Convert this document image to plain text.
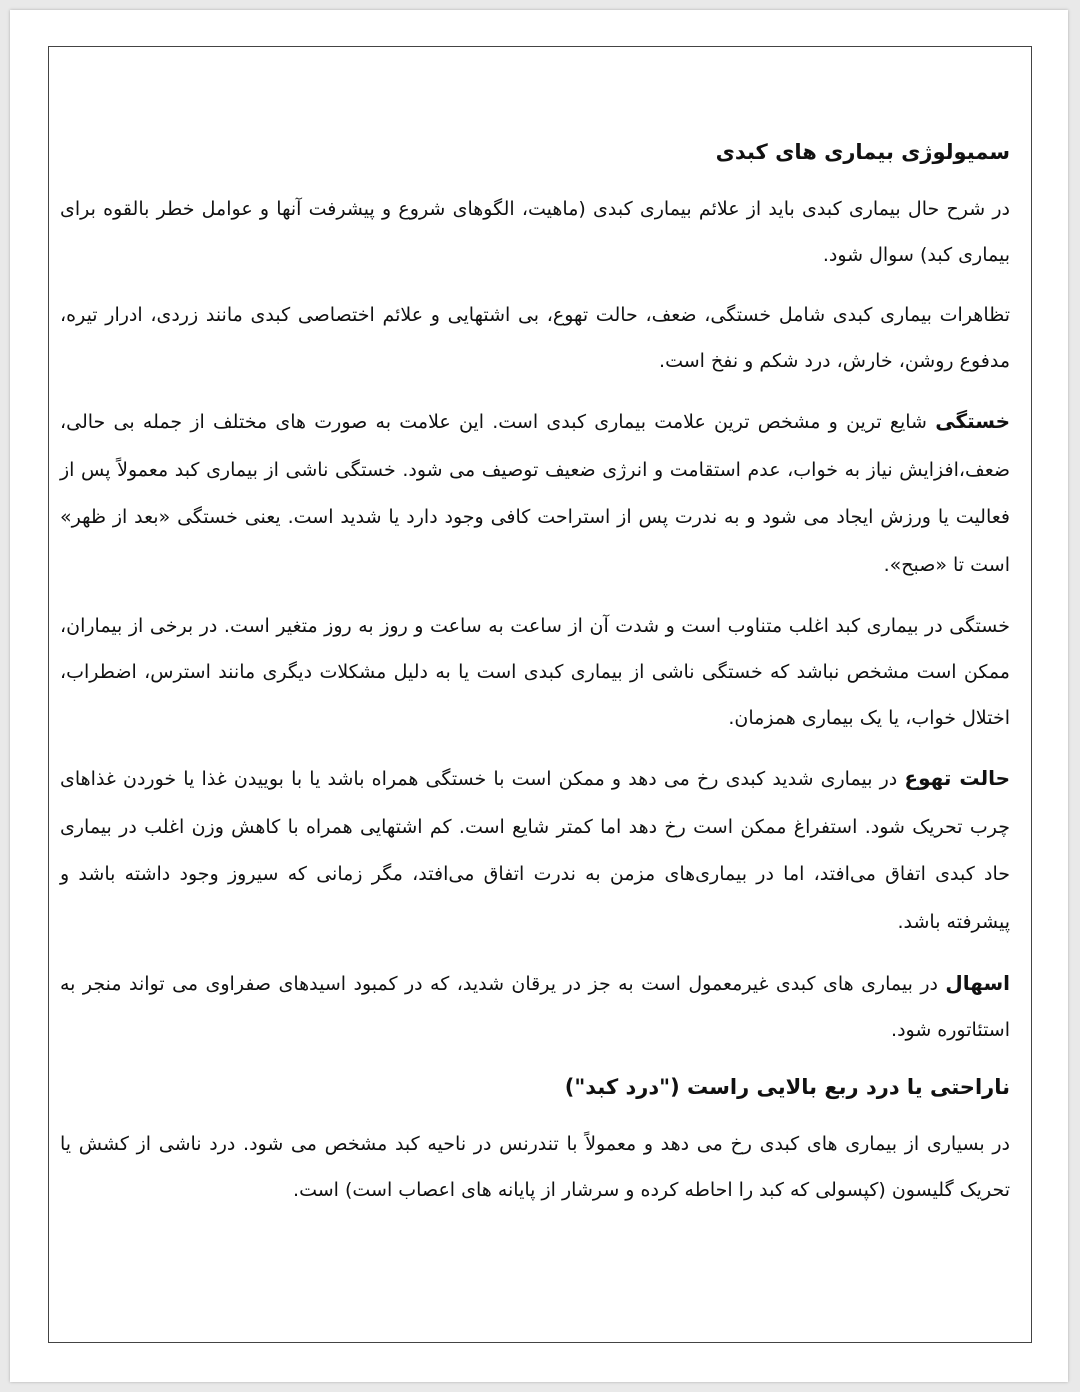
سمیولوژی بیماری های کبدی

در شرح حال بیماری کبدی باید از علائم بیماری کبدی (ماهیت، الگوهای شروع و پیشرفت آنها و عوامل خطر بالقوه برای بیماری کبد) سوال شود.

تظاهرات بیماری کبدی شامل خستگی، ضعف، حالت تهوع، بی اشتهایی و علائم اختصاصی کبدی مانند زردی، ادرار تیره، مدفوع روشن، خارش، درد شکم و نفخ است.

خستگی شایع ترین و مشخص ترین علامت بیماری کبدی است. این علامت به صورت های مختلف از جمله بی حالی، ضعف،افزایش نیاز به خواب، عدم استقامت و انرژی ضعیف توصیف می شود. خستگی ناشی از بیماری کبد معمولاً پس از فعالیت یا ورزش ایجاد می شود و به ندرت پس از استراحت کافی وجود دارد یا شدید است. یعنی خستگی «بعد از ظهر» است تا «صبح».

خستگی در بیماری کبد اغلب متناوب است و شدت آن از ساعت به ساعت و روز به روز متغیر است. در برخی از بیماران، ممکن است مشخص نباشد که خستگی ناشی از بیماری کبدی است یا به دلیل مشکلات دیگری مانند استرس، اضطراب، اختلال خواب، یا یک بیماری همزمان.

حالت تهوع در بیماری شدید کبدی رخ می دهد و ممکن است با خستگی همراه باشد یا با بوییدن غذا یا خوردن غذاهای چرب تحریک شود. استفراغ ممکن است رخ دهد اما کمتر شایع است. کم اشتهایی همراه با کاهش وزن اغلب در بیماری حاد کبدی اتفاق می‌افتد، اما در بیماری‌های مزمن به ندرت اتفاق می‌افتد، مگر زمانی که سیروز وجود داشته باشد و پیشرفته باشد.

اسهال در بیماری های کبدی غیرمعمول است به جز در یرقان شدید، که در کمبود اسیدهای صفراوی می تواند منجر به استئاتوره شود.

ناراحتی یا درد ربع بالایی راست ("درد کبد")

در بسیاری از بیماری های کبدی رخ می دهد و معمولاً با تندرنس در ناحیه کبد مشخص می شود. درد ناشی از کشش یا تحریک گلیسون (کپسولی که کبد را احاطه کرده و سرشار از پایانه های اعصاب است) است.
